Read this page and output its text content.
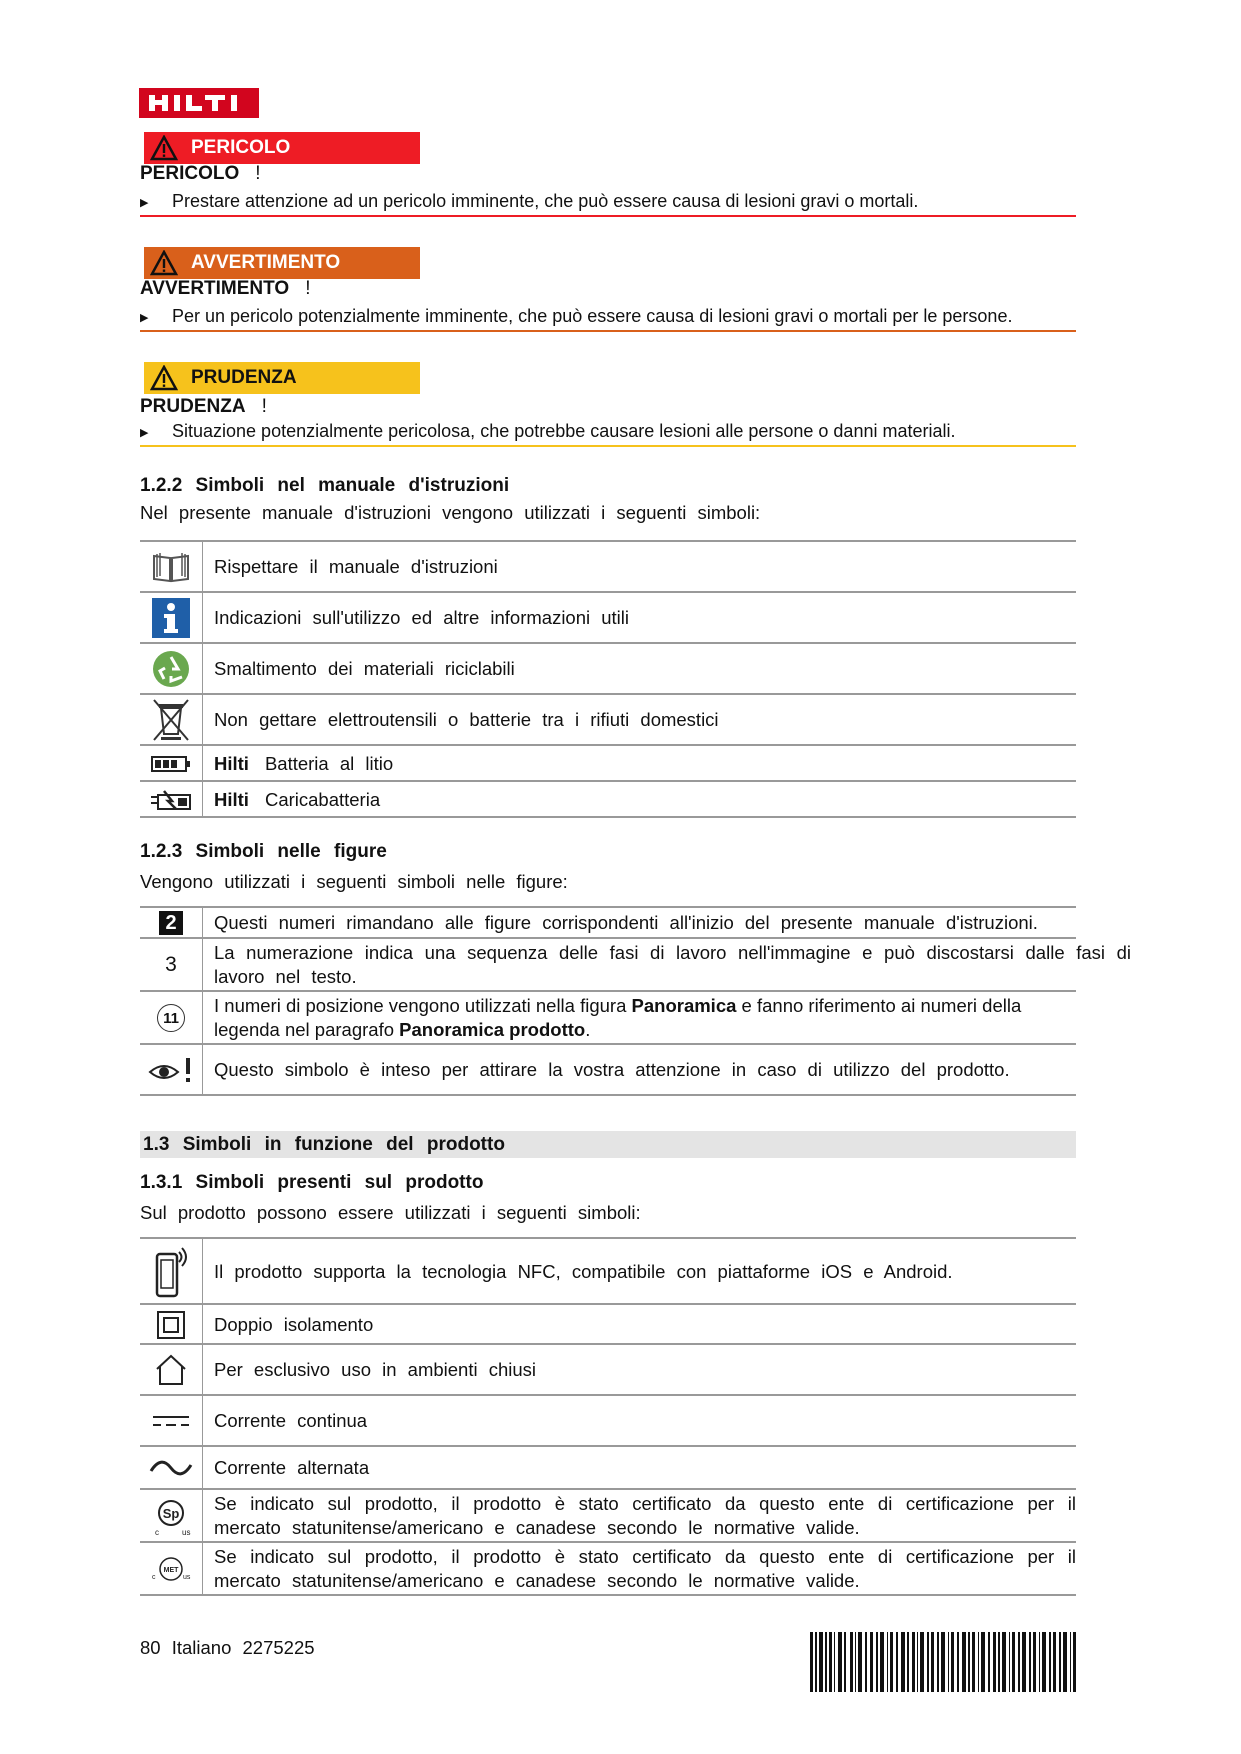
PERICOLO
PERICOLO !
▶ Prestare attenzione ad un pericolo imminente, che può essere causa di lesioni gravi o mortali.
AVVERTIMENTO
AVVERTIMENTO !
▶ Per un pericolo potenzialmente imminente, che può essere causa di lesioni gravi o mortali per le persone.
PRUDENZA
PRUDENZA !
▶ Situazione potenzialmente pericolosa, che potrebbe causare lesioni alle persone o danni materiali.
1.2.2 Simboli nel manuale d'istruzioni
Nel presente manuale d'istruzioni vengono utilizzati i seguenti simboli:
Rispettare il manuale d'istruzioni
Indicazioni sull'utilizzo ed altre informazioni utili
Smaltimento dei materiali riciclabili
Non gettare elettroutensili o batterie tra i rifiuti domestici
Hilti Batteria al litio
Hilti Caricabatteria
1.2.3 Simboli nelle figure
Vengono utilizzati i seguenti simboli nelle figure:
2 Questi numeri rimandano alle figure corrispondenti all'inizio del presente manuale d'istruzioni.
3
La numerazione indica una sequenza delle fasi di lavoro nell'immagine e può discostarsi dalle fasi di lavoro nel testo.
11
I numeri di posizione vengono utilizzati nella figura Panoramica e fanno riferimento ai numeri della legenda nel paragrafo Panoramica prodotto.
Questo simbolo è inteso per attirare la vostra attenzione in caso di utilizzo del prodotto.
1.3 Simboli in funzione del prodotto
1.3.1 Simboli presenti sul prodotto
Sul prodotto possono essere utilizzati i seguenti simboli:
Il prodotto supporta la tecnologia NFC, compatibile con piattaforme iOS e Android.
Doppio isolamento
Per esclusivo uso in ambienti chiusi
Corrente continua
Corrente alternata
Sp
c	us
Se indicato sul prodotto, il prodotto è stato certificato da questo ente di certificazione per il mercato statunitense/americano e canadese secondo le normative valide.
MET
c	us
Se indicato sul prodotto, il prodotto è stato certificato da questo ente di certificazione per il mercato statunitense/americano e canadese secondo le normative valide.
80 Italiano 2275225
